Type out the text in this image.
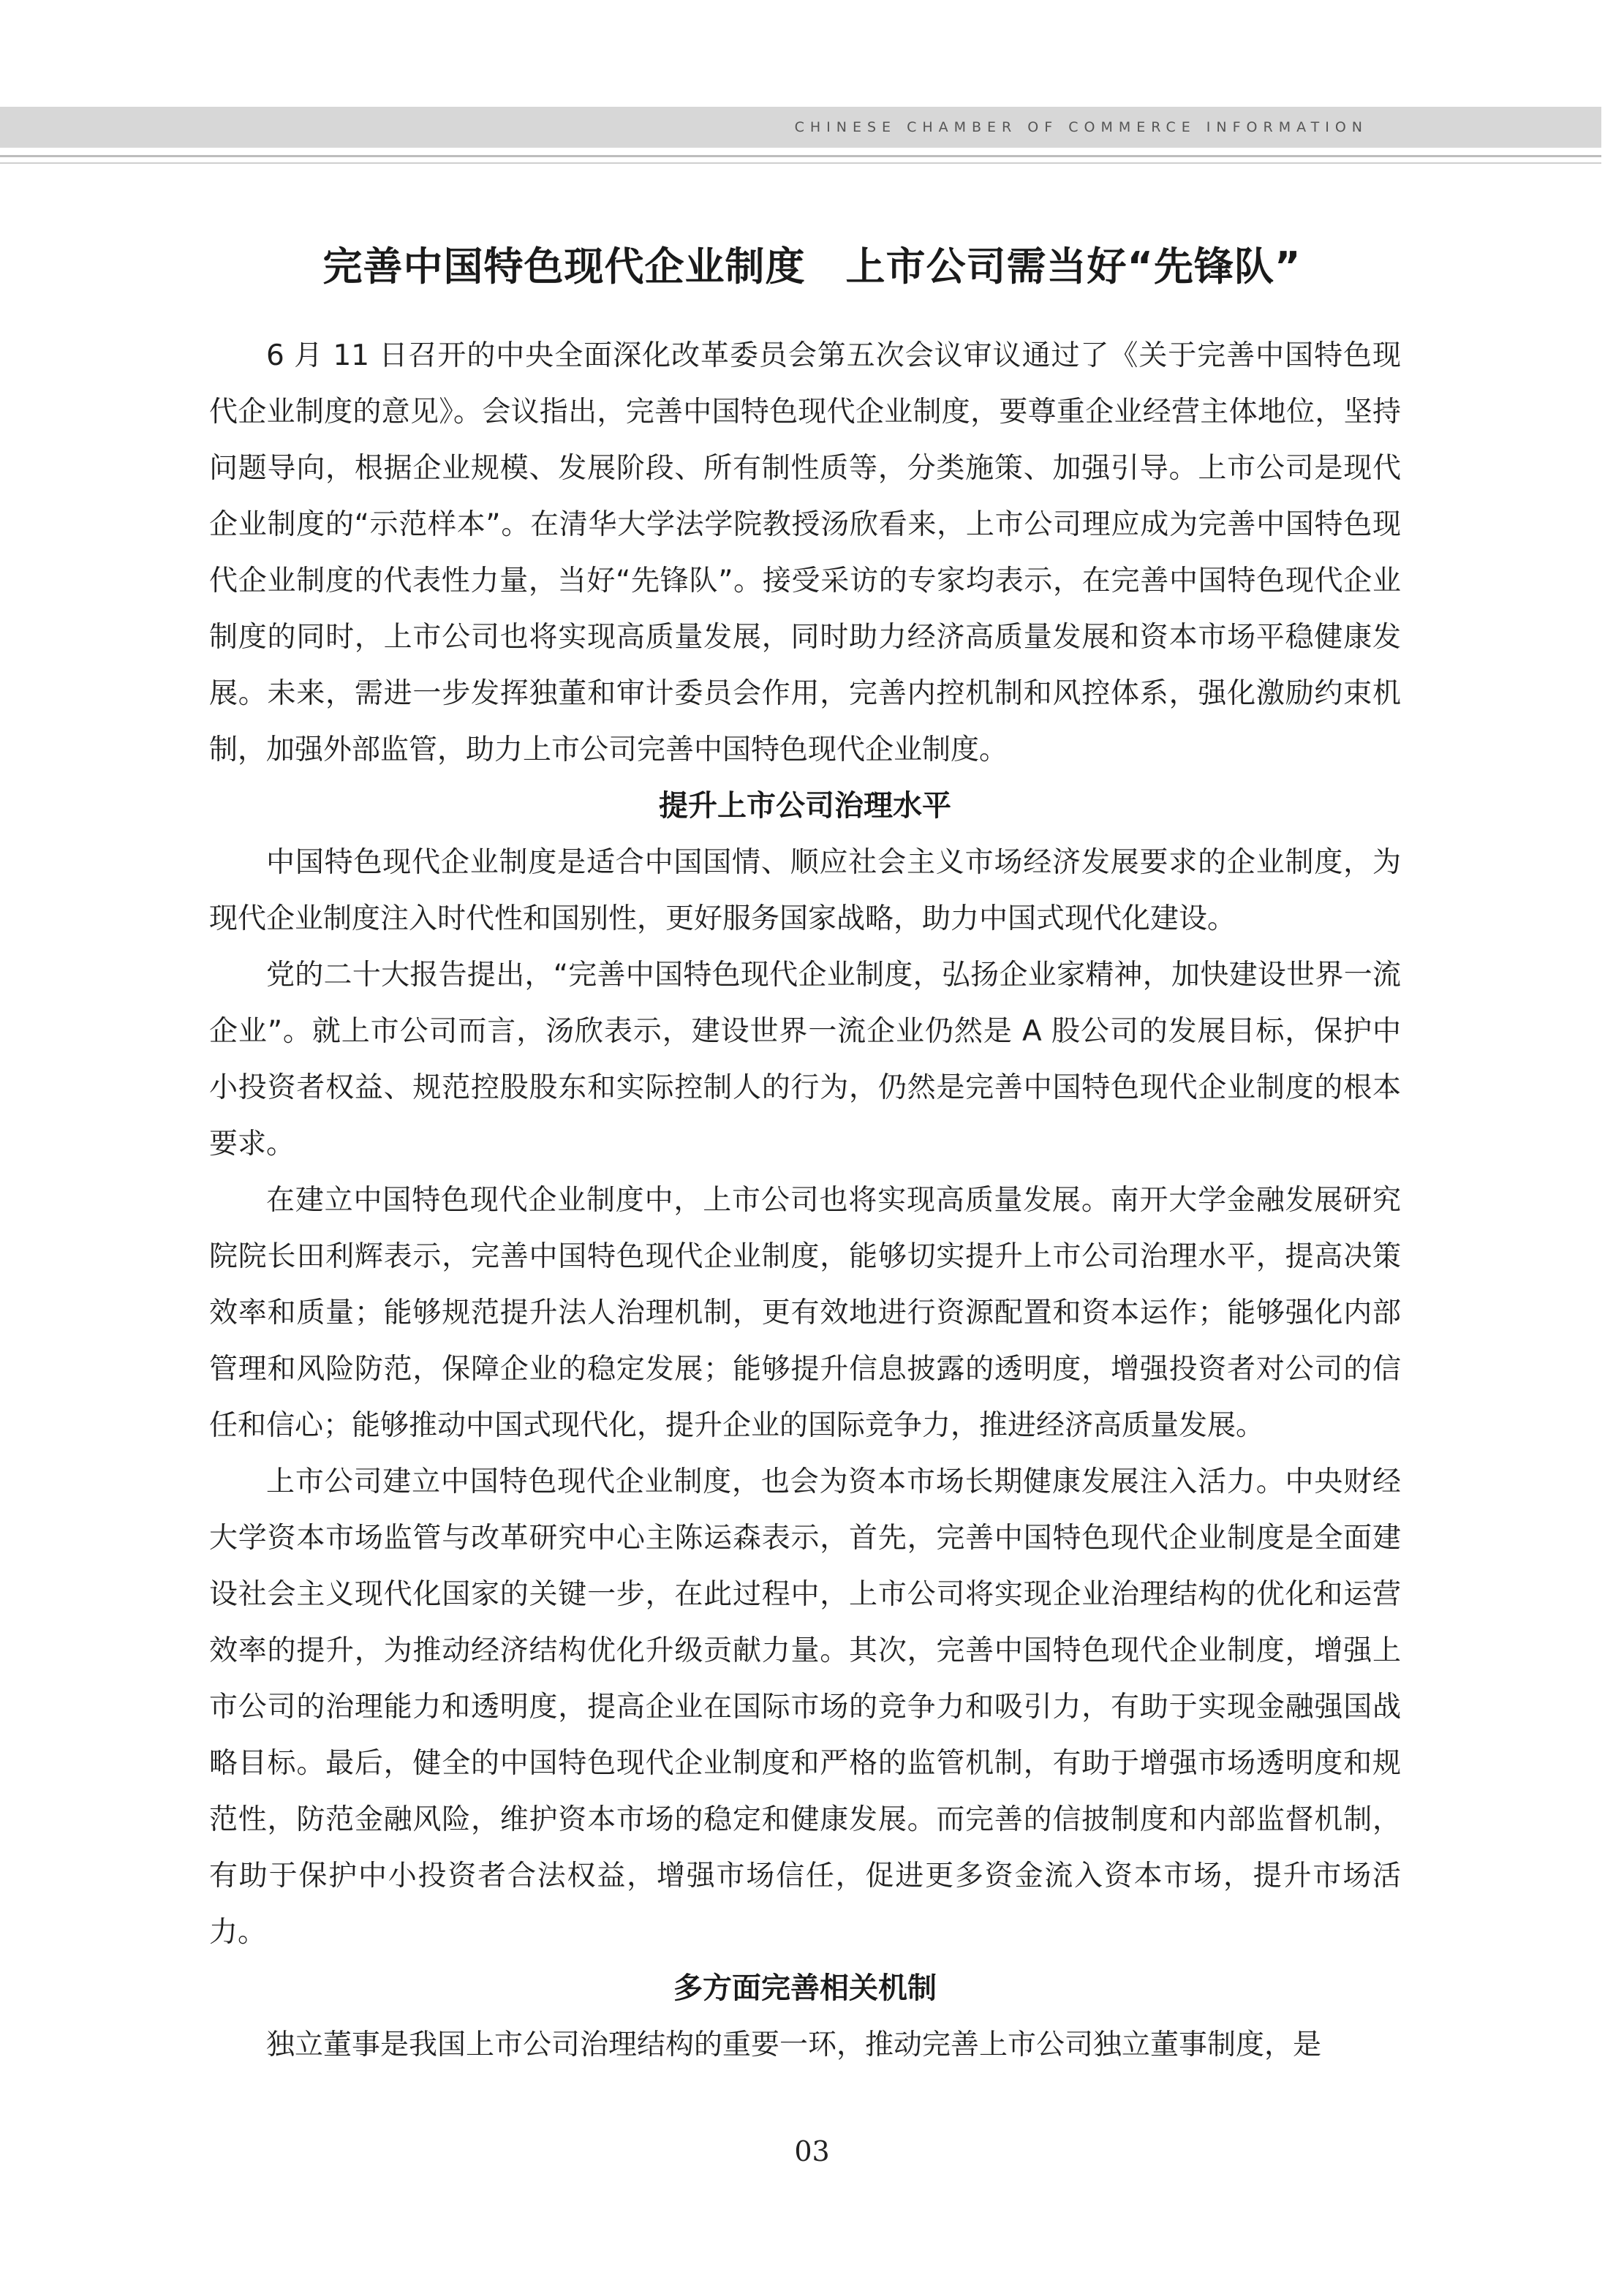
CHINESE CHAMBER OF COMMERCE INFORMATION
完善中国特色现代企业制度　上市公司需当好“先锋队”

6 月 11 日召开的中央全面深化改革委员会第五次会议审议通过了《关于完善中国特色现代企业制度的意见》。会议指出，完善中国特色现代企业制度，要尊重企业经营主体地位，坚持问题导向，根据企业规模、发展阶段、所有制性质等，分类施策、加强引导。上市公司是现代企业制度的“示范样本”。在清华大学法学院教授汤欣看来，上市公司理应成为完善中国特色现代企业制度的代表性力量，当好“先锋队”。接受采访的专家均表示，在完善中国特色现代企业制度的同时，上市公司也将实现高质量发展，同时助力经济高质量发展和资本市场平稳健康发展。未来，需进一步发挥独董和审计委员会作用，完善内控机制和风控体系，强化激励约束机制，加强外部监管，助力上市公司完善中国特色现代企业制度。

提升上市公司治理水平

中国特色现代企业制度是适合中国国情、顺应社会主义市场经济发展要求的企业制度，为现代企业制度注入时代性和国别性，更好服务国家战略，助力中国式现代化建设。

党的二十大报告提出，“完善中国特色现代企业制度，弘扬企业家精神，加快建设世界一流企业”。就上市公司而言，汤欣表示，建设世界一流企业仍然是 A 股公司的发展目标，保护中小投资者权益、规范控股股东和实际控制人的行为，仍然是完善中国特色现代企业制度的根本要求。

在建立中国特色现代企业制度中，上市公司也将实现高质量发展。南开大学金融发展研究院院长田利辉表示，完善中国特色现代企业制度，能够切实提升上市公司治理水平，提高决策效率和质量；能够规范提升法人治理机制，更有效地进行资源配置和资本运作；能够强化内部管理和风险防范，保障企业的稳定发展；能够提升信息披露的透明度，增强投资者对公司的信任和信心；能够推动中国式现代化，提升企业的国际竞争力，推进经济高质量发展。

上市公司建立中国特色现代企业制度，也会为资本市场长期健康发展注入活力。中央财经大学资本市场监管与改革研究中心主陈运森表示，首先，完善中国特色现代企业制度是全面建设社会主义现代化国家的关键一步，在此过程中，上市公司将实现企业治理结构的优化和运营效率的提升，为推动经济结构优化升级贡献力量。其次，完善中国特色现代企业制度，增强上市公司的治理能力和透明度，提高企业在国际市场的竞争力和吸引力，有助于实现金融强国战略目标。最后，健全的中国特色现代企业制度和严格的监管机制，有助于增强市场透明度和规范性，防范金融风险，维护资本市场的稳定和健康发展。而完善的信披制度和内部监督机制，有助于保护中小投资者合法权益，增强市场信任，促进更多资金流入资本市场，提升市场活力。

多方面完善相关机制

独立董事是我国上市公司治理结构的重要一环，推动完善上市公司独立董事制度，是

03
